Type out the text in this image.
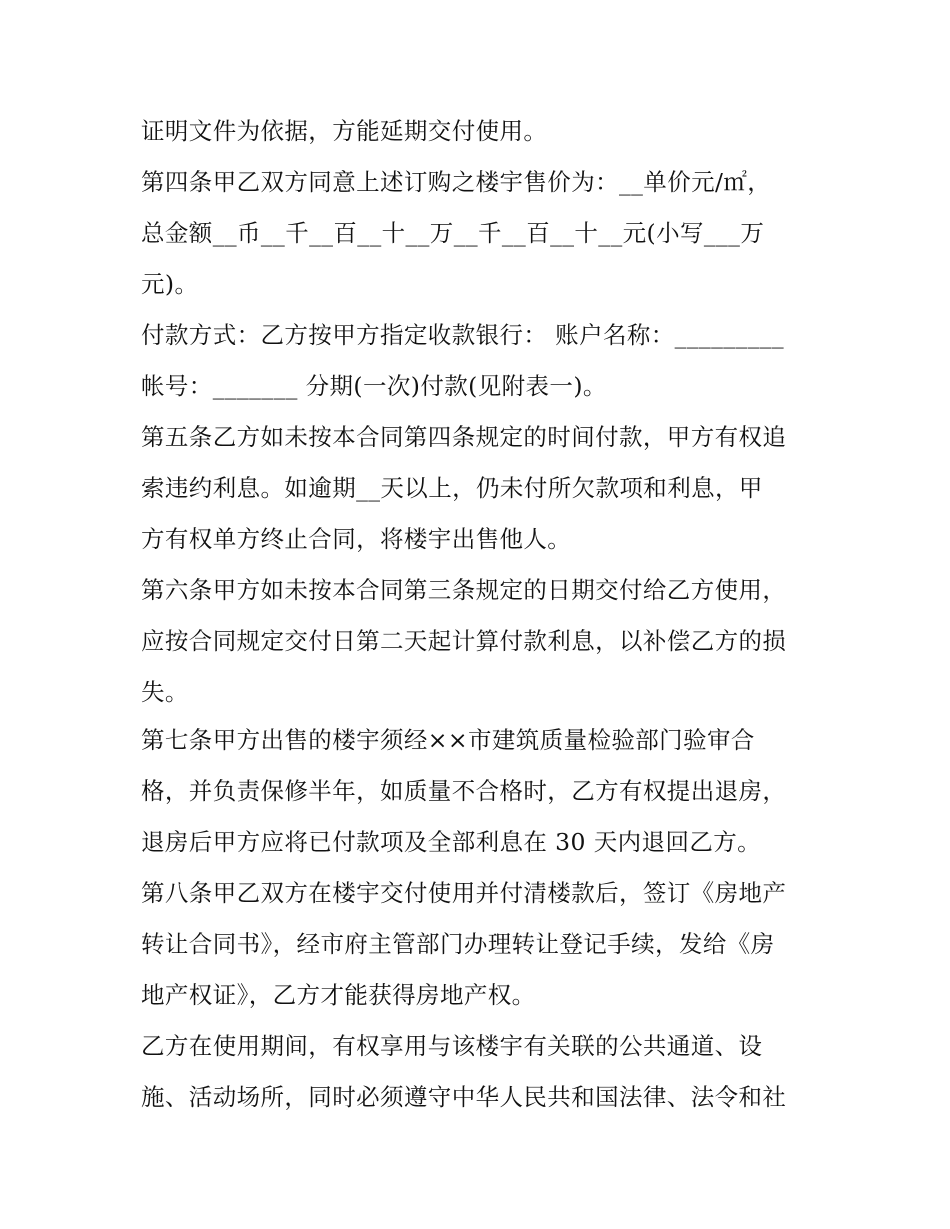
证明文件为依据，方能延期交付使用。
第四条甲乙双方同意上述订购之楼宇售价为：__单价元/㎡，
总金额__币__千__百__十__万__千__百__十__元(小写___万
元)。
付款方式：乙方按甲方指定收款银行： 账户名称：_________
帐号：_______ 分期(一次)付款(见附表一)。
第五条乙方如未按本合同第四条规定的时间付款，甲方有权追
索违约利息。如逾期__天以上，仍未付所欠款项和利息，甲
方有权单方终止合同，将楼宇出售他人。
第六条甲方如未按本合同第三条规定的日期交付给乙方使用，
应按合同规定交付日第二天起计算付款利息，以补偿乙方的损
失。
第七条甲方出售的楼宇须经××市建筑质量检验部门验审合
格，并负责保修半年，如质量不合格时，乙方有权提出退房，
退房后甲方应将已付款项及全部利息在 30 天内退回乙方。
第八条甲乙双方在楼宇交付使用并付清楼款后，签订《房地产
转让合同书》，经市府主管部门办理转让登记手续，发给《房
地产权证》，乙方才能获得房地产权。
乙方在使用期间，有权享用与该楼宇有关联的公共通道、设
施、活动场所，同时必须遵守中华人民共和国法律、法令和社
